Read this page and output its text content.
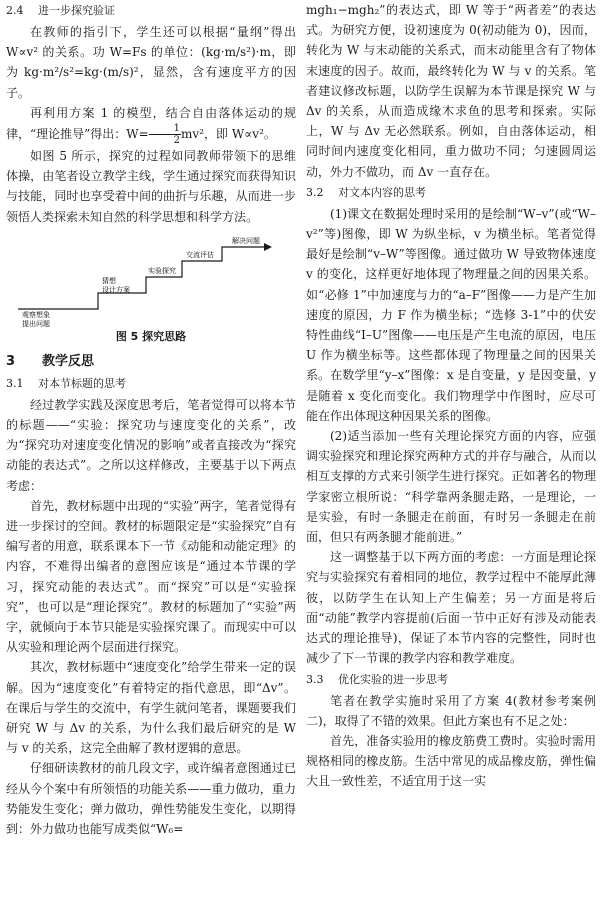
2.4 进一步探究验证

在教师的指引下，学生还可以根据“量纲”得出 W∝v² 的关系。功 W=Fs 的单位：(kg·m/s²)·m，即为 kg·m²/s²=kg·(m/s)²，显然，含有速度平方的因子。

再利用方案 1 的模型，结合自由落体运动的规律，“理论推导”得出：$W= \frac{1}{2} mv^2$，即 W∝v²。

如图 5 所示，探究的过程如同教师带领下的思维体操，由笔者设立教学主线，学生通过探究而获得知识与技能，同时也享受着中间的曲折与乐趣，从而进一步领悟人类探索未知自然的科学思想和科学方法。

观察想象提出问题
猜想设计方案
实验探究
交流评估
解决问题
图 5 探究思路
3 教学反思
3.1 对本节标题的思考

经过教学实践及深度思考后，笔者觉得可以将本节的标题——“实验：探究功与速度变化的关系”，改为“探究功对速度变化情况的影响”或者直接改为“探究动能的表达式”。之所以这样修改，主要基于以下两点考虑：

首先，教材标题中出现的“实验”两字，笔者觉得有进一步探讨的空间。教材的标题限定是“实验探究”自有编写者的用意，联系课本下一节《动能和动能定理》的内容，不难得出编者的意图应该是“通过本节课的学习，探究动能的表达式”。而“探究”可以是“实验探究”，也可以是“理论探究”。教材的标题加了“实验”两字，就倾向于本节只能是实验探究课了。而现实中可以从实验和理论两个层面进行探究。

其次，教材标题中“速度变化”给学生带来一定的误解。因为“速度变化”有着特定的指代意思，即“Δv”。在课后与学生的交流中，有学生就问笔者，课题要我们研究 W 与 Δv 的关系，为什么我们最后研究的是 W 与 v 的关系，这完全曲解了教材逻辑的意思。

仔细研读教材的前几段文字，或许编者意图通过已经从今个案中有所领悟的功能关系——重力做功，重力势能发生变化；弹力做功，弹性势能发生变化，以期得到：外力做功也能写成类似“W₆=

mgh₁−mgh₂”的表达式，即 W 等于“两者差”的表达式。为研究方便，设初速度为 0(初动能为 0)，因而，转化为 W 与末动能的关系式，而末动能里含有了物体末速度的因子。故而，最终转化为 W 与 v 的关系。笔者建议修改标题，以防学生误解为本节课是探究 W 与 Δv 的关系，从而造成缘木求鱼的思考和探索。实际上，W 与 Δv 无必然联系。例如，自由落体运动，相同时间内速度变化相同，重力做功不同；匀速圆周运动，外力不做功，而 Δv 一直存在。

3.2 对文本内容的思考

(1)课文在数据处理时采用的是绘制“W–v”(或“W–v²”等)图像，即 W 为纵坐标，v 为横坐标。笔者觉得最好是绘制“v–W”等图像。通过做功 W 导致物体速度 v 的变化，这样更好地体现了物理量之间的因果关系。如“必修 1”中加速度与力的“a–F”图像——力是产生加速度的原因，力 F 作为横坐标；“选修 3-1”中的伏安特性曲线“I–U”图像——电压是产生电流的原因，电压 U 作为横坐标等。这些都体现了物理量之间的因果关系。在数学里“y–x”图像：x 是自变量，y 是因变量，y 是随着 x 变化而变化。我们物理学中作图时，应尽可能在作出体现这种因果关系的图像。

(2)适当添加一些有关理论探究方面的内容，应强调实验探究和理论探究两种方式的并存与融合，从而以相互支撑的方式来引领学生进行探究。正如著名的物理学家密立根所说：“科学靠两条腿走路，一是理论，一是实验，有时一条腿走在前面，有时另一条腿走在前面，但只有两条腿才能前进。”

这一调整基于以下两方面的考虑：一方面是理论探究与实验探究有着相同的地位，教学过程中不能厚此薄彼，以防学生在认知上产生偏差；另一方面是将后面“动能”教学内容提前(后面一节中正好有涉及动能表达式的理论推导)，保证了本节内容的完整性，同时也减少了下一节课的教学内容和教学难度。

3.3 优化实验的进一步思考

笔者在教学实施时采用了方案 4(教材参考案例二)，取得了不错的效果。但此方案也有不足之处：

首先，准备实验用的橡皮筋费工费时。实验时需用规格相同的橡皮筋。生活中常见的成品橡皮筋，弹性偏大且一致性差，不适宜用于这一实
